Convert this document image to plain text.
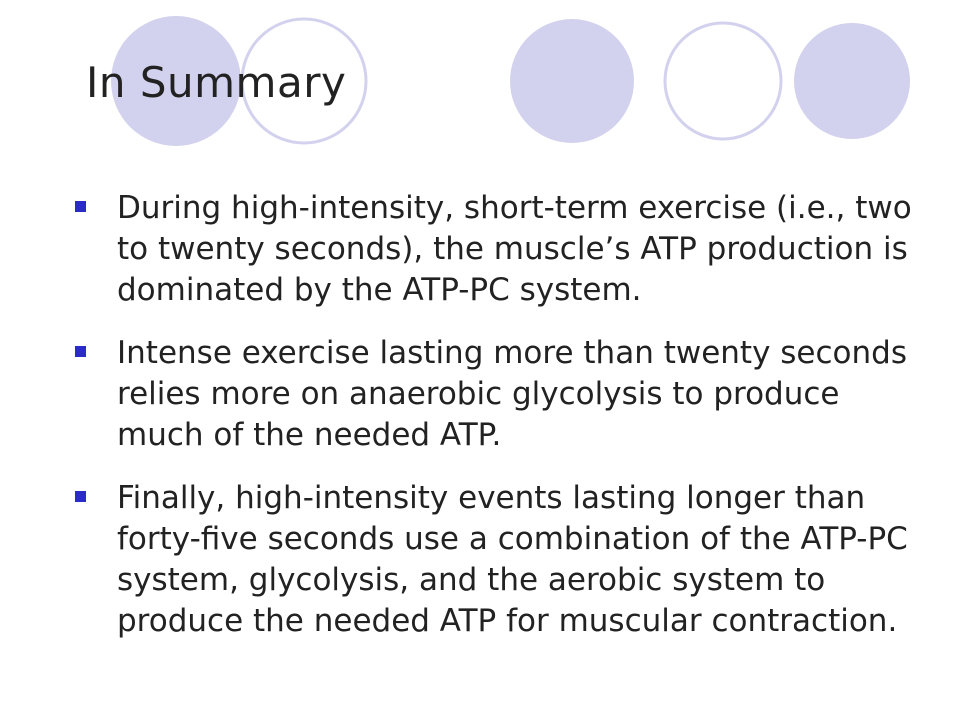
In Summary
During high-intensity, short-term exercise (i.e., two to twenty seconds), the muscle’s ATP production is dominated by the ATP-PC system.
Intense exercise lasting more than twenty seconds relies more on anaerobic glycolysis to produce much of the needed ATP.
Finally, high-intensity events lasting longer than forty-five seconds use a combination of the ATP-PC system, glycolysis, and the aerobic system to produce the needed ATP for muscular contraction.
